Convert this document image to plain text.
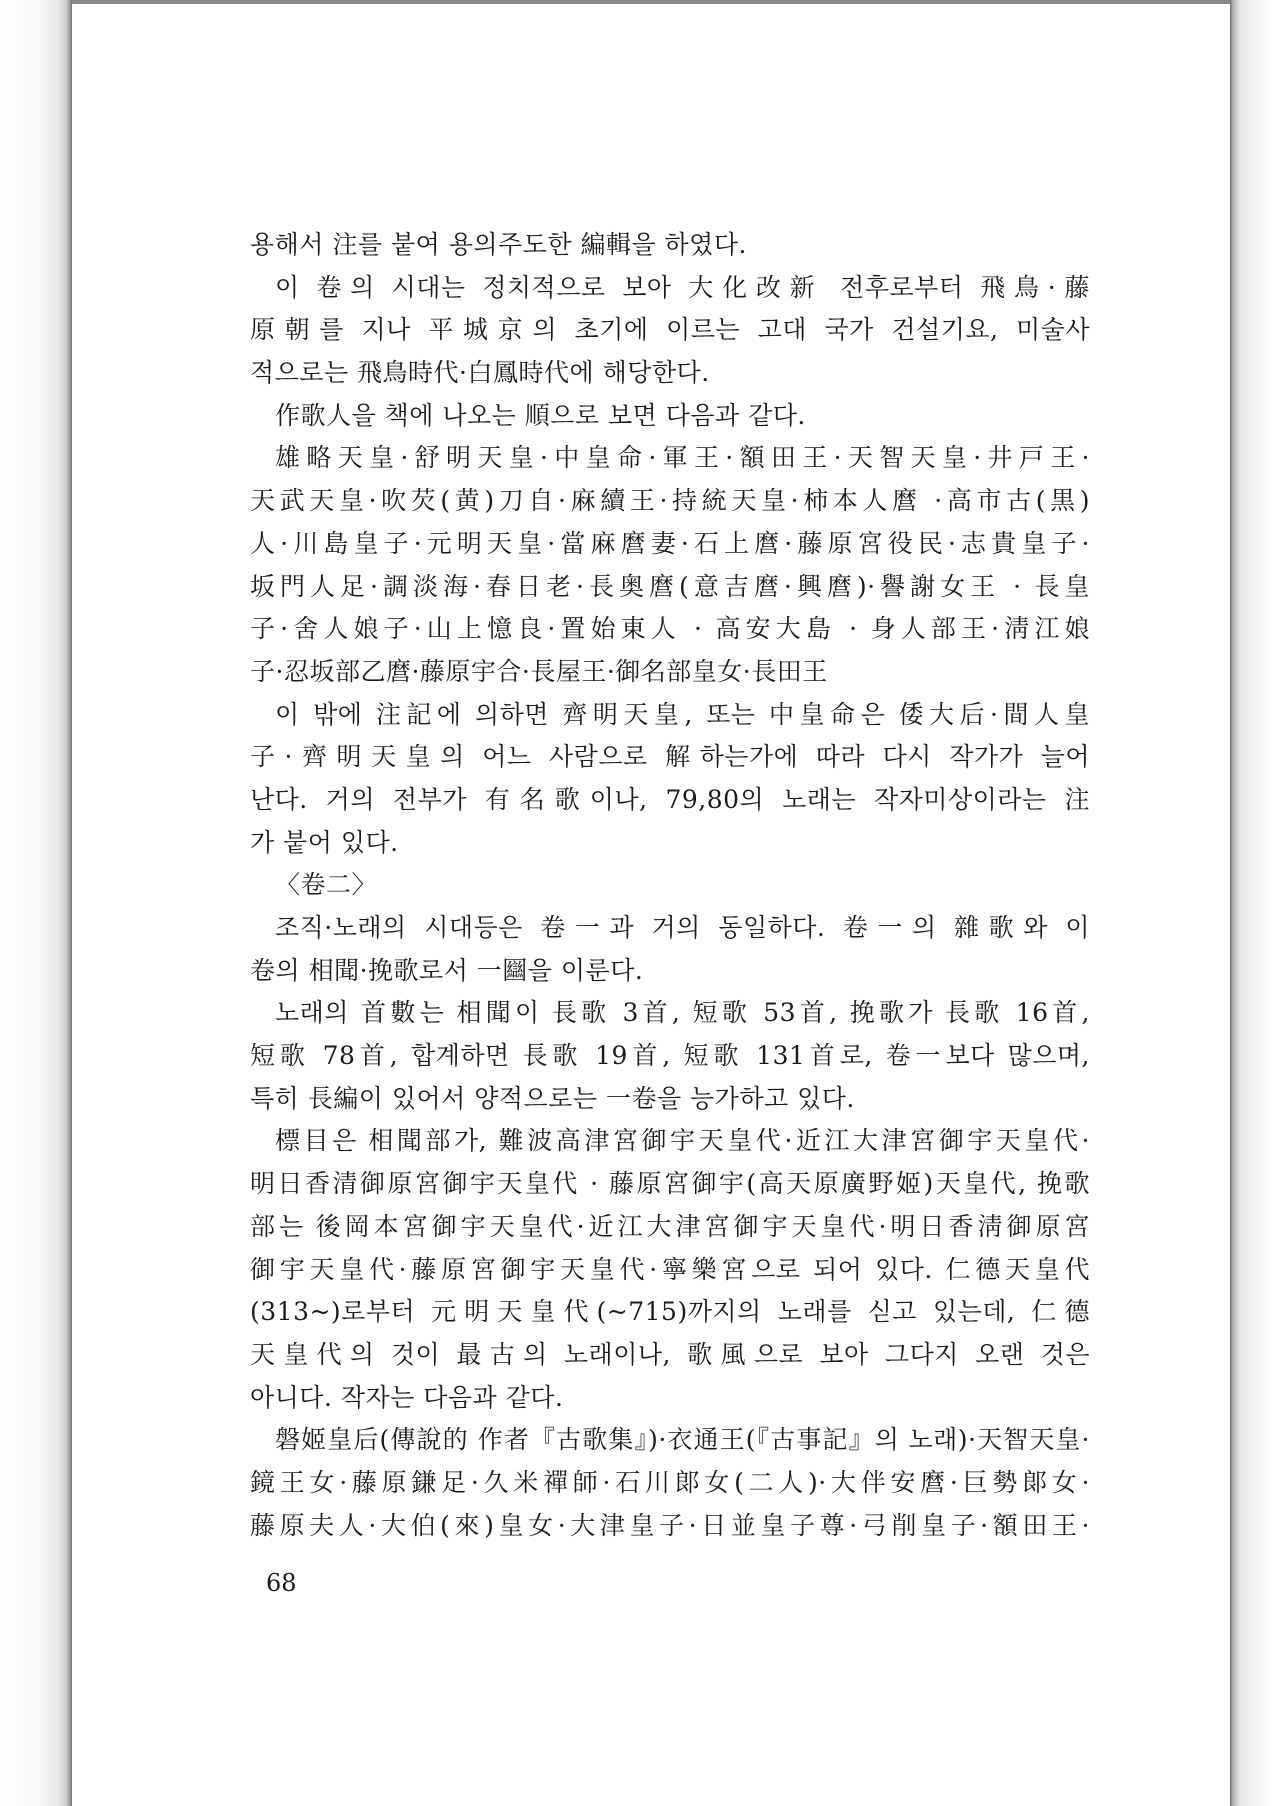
용해서 注를 붙여 용의주도한 編輯을 하였다.
이 卷의 시대는 정치적으로 보아 大化改新 전후로부터 飛鳥·藤
原朝를 지나 平城京의 초기에 이르는 고대 국가 건설기요, 미술사
적으로는 飛鳥時代·白鳳時代에 해당한다.
作歌人을 책에 나오는 順으로 보면 다음과 같다.
雄略天皇·舒明天皇·中皇命·軍王·額田王·天智天皇·井戸王·
天武天皇·吹芡(黄)刀自·麻續王·持統天皇·柿本人麿 ·高市古(黒)
人·川島皇子·元明天皇·當麻麿妻·石上麿·藤原宮役民·志貴皇子·
坂門人足·調淡海·春日老·長奥麿(意吉麿·興麿)·譽謝女王 · 長皇
子·舍人娘子·山上憶良·置始東人 · 高安大島 · 身人部王·淸江娘
子·忍坂部乙麿·藤原宇合·長屋王·御名部皇女·長田王
이 밖에 注記에 의하면 齊明天皇, 또는 中皇命은 倭大后·間人皇
子·齊明天皇의 어느 사람으로 解하는가에 따라 다시 작가가 늘어
난다. 거의 전부가 有名歌이나, 79,80의 노래는 작자미상이라는 注
가 붙어 있다.
〈卷二〉
조직·노래의 시대등은 卷一과 거의 동일하다. 卷一의 雜歌와 이
卷의 相聞·挽歌로서 一圝을 이룬다.
노래의 首數는 相聞이 長歌 3首, 短歌 53首, 挽歌가 長歌 16首,
短歌 78首, 합계하면 長歌 19首, 短歌 131首로, 卷一보다 많으며,
특히 長編이 있어서 양적으로는 一卷을 능가하고 있다.
標目은 相聞部가, 難波高津宮御宇天皇代·近江大津宮御宇天皇代·
明日香清御原宮御宇天皇代 · 藤原宮御宇(高天原廣野姬)天皇代, 挽歌
部는 後岡本宮御宇天皇代·近江大津宮御宇天皇代·明日香淸御原宮
御宇天皇代·藤原宮御宇天皇代·寧樂宮으로 되어 있다. 仁德天皇代
(313~)로부터 元明天皇代(~715)까지의 노래를 싣고 있는데, 仁德
天皇代의 것이 最古의 노래이나, 歌風으로 보아 그다지 오랜 것은
아니다. 작자는 다음과 같다.
磐姬皇后(傳說的 作者『古歌集』)·衣通王(『古事記』의 노래)·天智天皇·
鏡王女·藤原鎌足·久米禪師·石川郞女(二人)·大伴安麿·巨勢郞女·
藤原夫人·大伯(來)皇女·大津皇子·日並皇子尊·弓削皇子·額田王·
68
